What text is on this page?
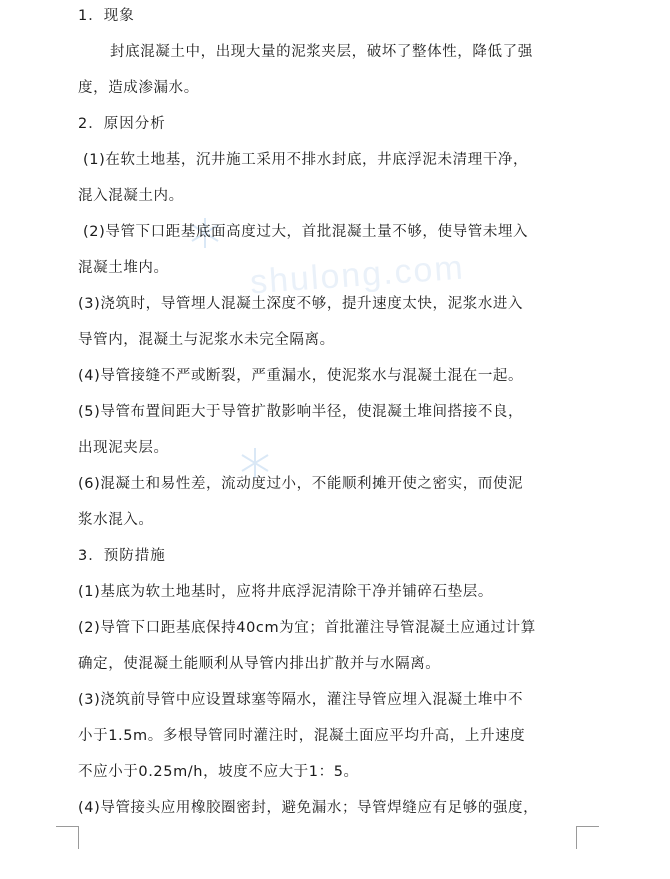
shulong.com
1．现象
封底混凝土中，出现大量的泥浆夹层，破坏了整体性，降低了强
度，造成渗漏水。
2．原因分析
(1)在软土地基，沉井施工采用不排水封底，井底浮泥未清理干净，
混入混凝土内。
(2)导管下口距基底面高度过大，首批混凝土量不够，使导管未埋入
混凝土堆内。
(3)浇筑时，导管埋人混凝土深度不够，提升速度太快，泥浆水进入
导管内，混凝土与泥浆水未完全隔离。
(4)导管接缝不严或断裂，严重漏水，使泥浆水与混凝土混在一起。
(5)导管布置间距大于导管扩散影响半径，使混凝土堆间搭接不良，
出现泥夹层。
(6)混凝土和易性差，流动度过小，不能顺利摊开使之密实，而使泥
浆水混入。
3．预防措施
(1)基底为软土地基时，应将井底浮泥清除干净并铺碎石垫层。
(2)导管下口距基底保持40cm为宜；首批灌注导管混凝土应通过计算
确定，使混凝土能顺利从导管内排出扩散并与水隔离。
(3)浇筑前导管中应设置球塞等隔水，灌注导管应埋入混凝土堆中不
小于1.5m。多根导管同时灌注时，混凝土面应平均升高，上升速度
不应小于0.25m/h，坡度不应大于1：5。
(4)导管接头应用橡胶圈密封，避免漏水；导管焊缝应有足够的强度，
